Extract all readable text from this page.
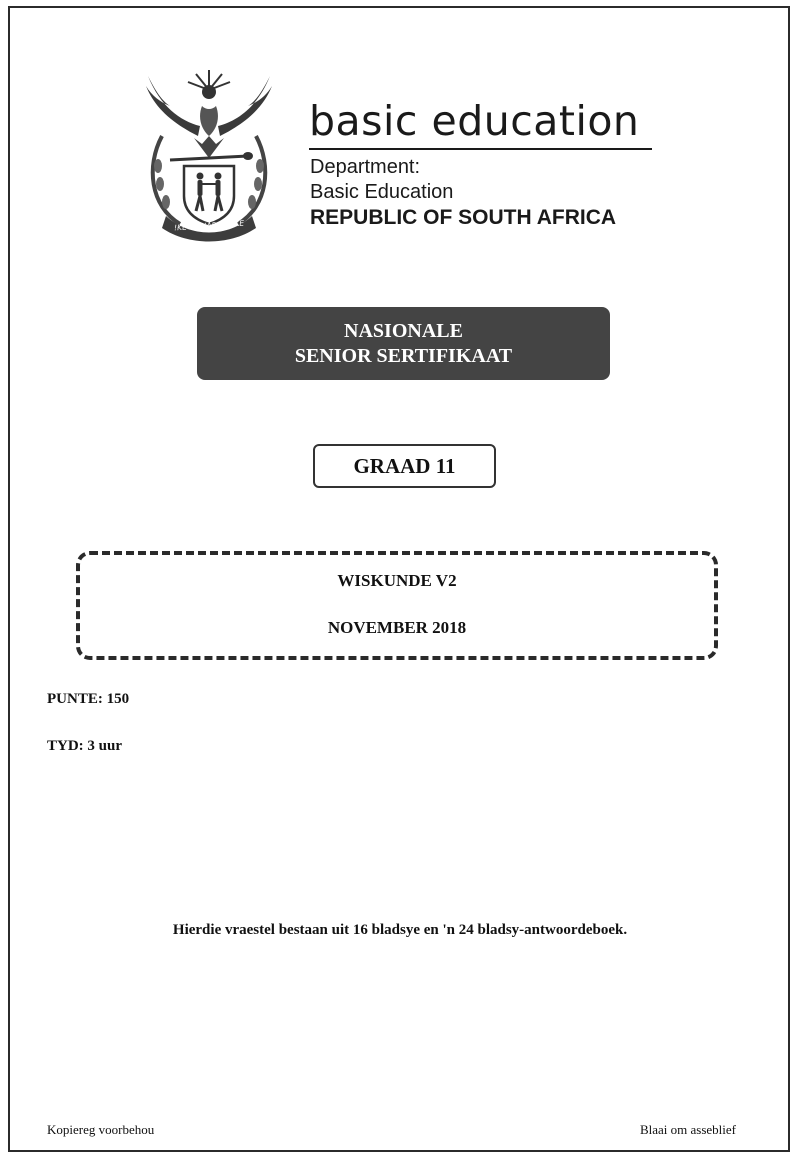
!KE E: /XARRA //KE
basic education
Department:
Basic Education
REPUBLIC OF SOUTH AFRICA
NASIONALE
SENIOR SERTIFIKAAT
GRAAD 11
WISKUNDE V2
NOVEMBER 2018
PUNTE: 150
TYD: 3 uur
Hierdie vraestel bestaan uit 16 bladsye en 'n 24 bladsy-antwoordeboek.
Kopiereg voorbehou	Blaai om asseblief
